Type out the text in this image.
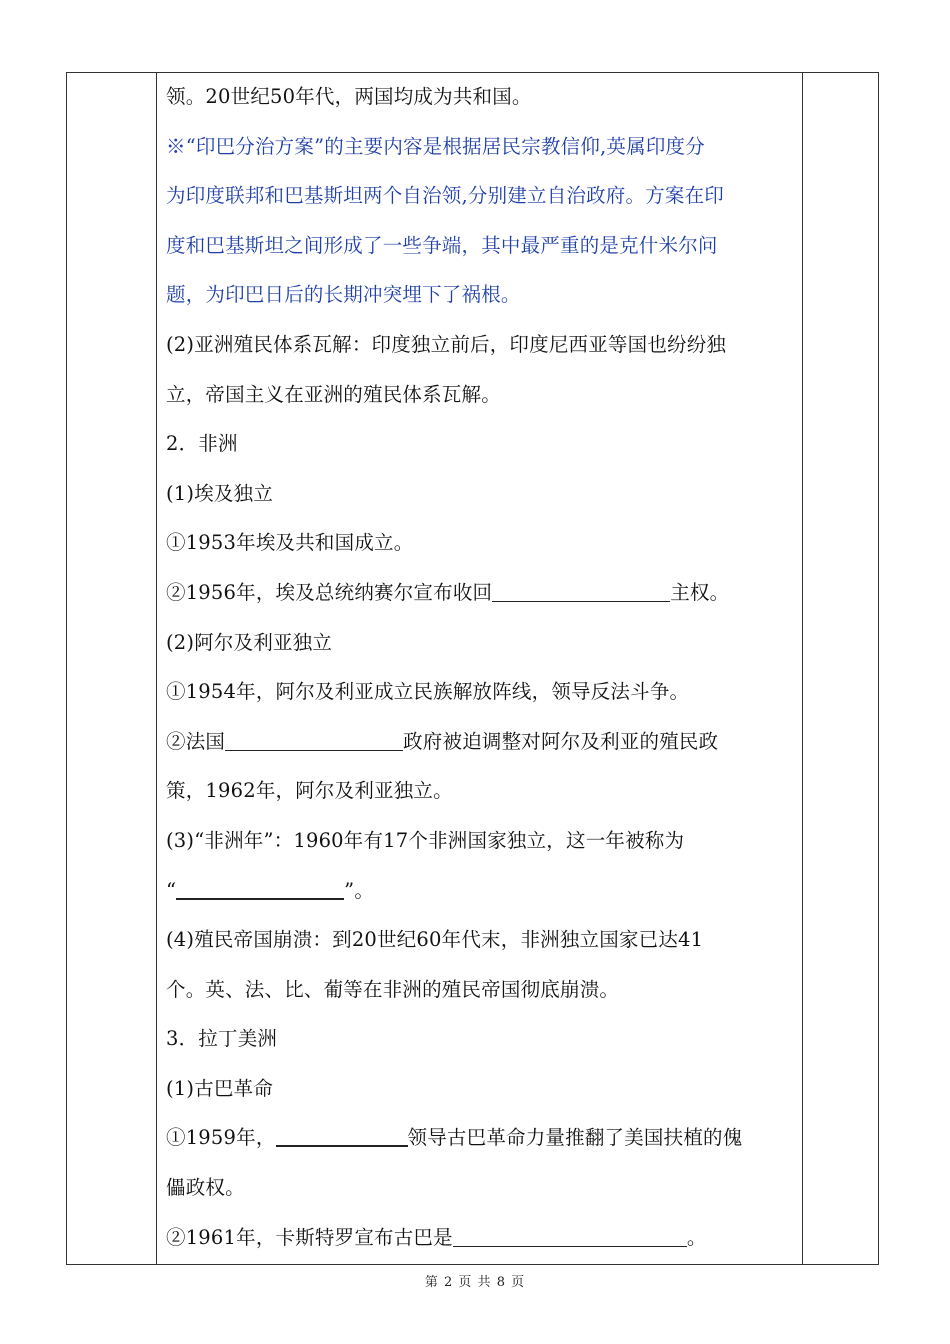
领。20世纪50年代，两国均成为共和国。
※“印巴分治方案”的主要内容是根据居民宗教信仰,英属印度分
为印度联邦和巴基斯坦两个自治领,分别建立自治政府。方案在印
度和巴基斯坦之间形成了一些争端，其中最严重的是克什米尔问
题，为印巴日后的长期冲突埋下了祸根。
(2)亚洲殖民体系瓦解：印度独立前后，印度尼西亚等国也纷纷独
立，帝国主义在亚洲的殖民体系瓦解。
2．非洲
(1)埃及独立
①1953年埃及共和国成立。
②1956年，埃及总统纳赛尔宣布收回	主权。
(2)阿尔及利亚独立
①1954年，阿尔及利亚成立民族解放阵线，领导反法斗争。
②法国	政府被迫调整对阿尔及利亚的殖民政
策，1962年，阿尔及利亚独立。
(3)“非洲年”：1960年有17个非洲国家独立，这一年被称为
“	”。
(4)殖民帝国崩溃：到20世纪60年代末，非洲独立国家已达41
个。英、法、比、葡等在非洲的殖民帝国彻底崩溃。
3．拉丁美洲
(1)古巴革命
①1959年，	领导古巴革命力量推翻了美国扶植的傀
儡政权。
②1961年，卡斯特罗宣布古巴是	。
第 2 页 共 8 页
